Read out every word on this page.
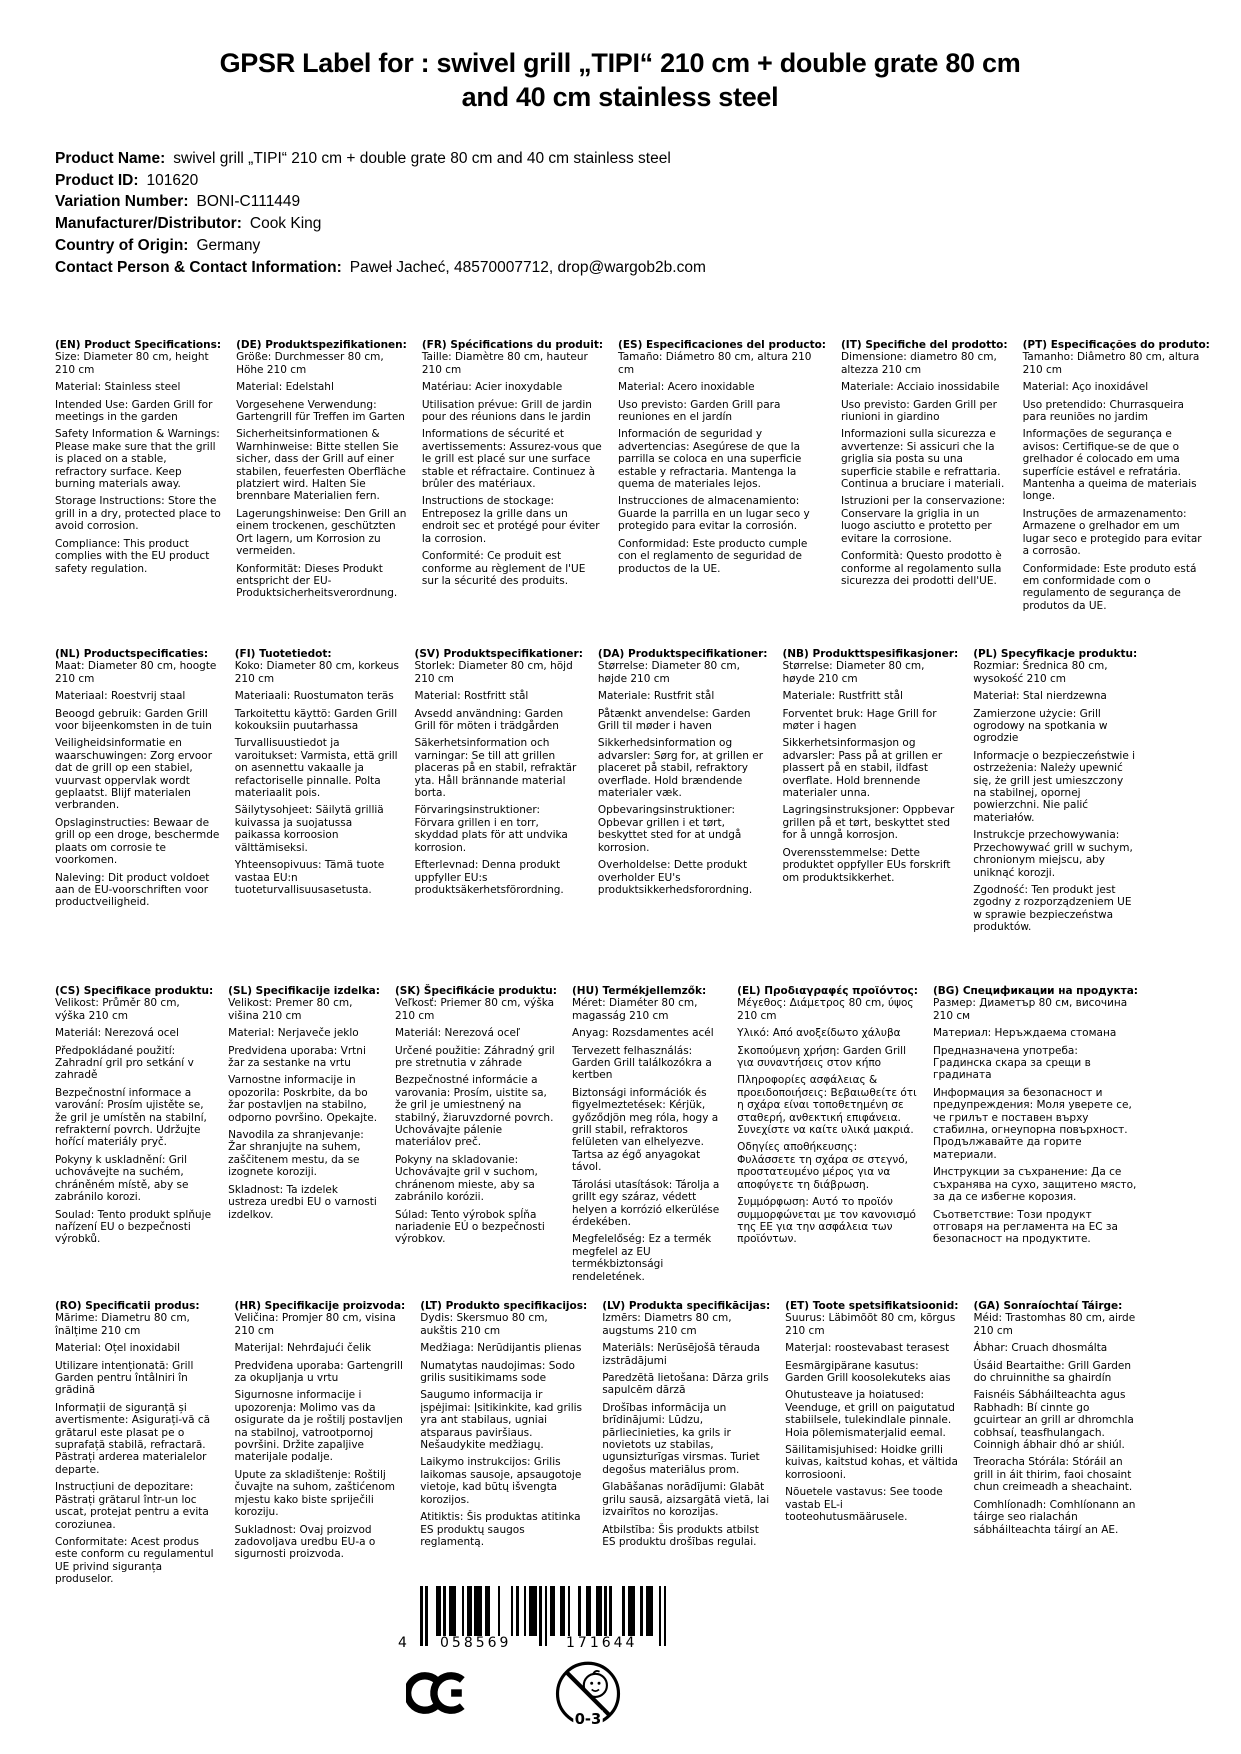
GPSR Label for : swivel grill „TIPI“ 210 cm + double grate 80 cm
and 40 cm stainless steel
Product Name: swivel grill „TIPI“ 210 cm + double grate 80 cm and 40 cm stainless steel
Product ID: 101620
Variation Number: BONI-C111449
Manufacturer/Distributor: Cook King
Country of Origin: Germany
Contact Person & Contact Information: Paweł Jacheć, 48570007712, drop@wargob2b.com
(EN) Product Specifications:

Size: Diameter 80 cm, height 210 cm

Material: Stainless steel

Intended Use: Garden Grill for meetings in the garden

Safety Information & Warnings: Please make sure that the grill is placed on a stable, refractory surface. Keep burning materials away.

Storage Instructions: Store the grill in a dry, protected place to avoid corrosion.

Compliance: This product complies with the EU product safety regulation.

(DE) Produktspezifikationen:

Größe: Durchmesser 80 cm, Höhe 210 cm

Material: Edelstahl

Vorgesehene Verwendung: Gartengrill für Treffen im Garten

Sicherheitsinformationen & Warnhinweise: Bitte stellen Sie sicher, dass der Grill auf einer stabilen, feuerfesten Oberfläche platziert wird. Halten Sie brennbare Materialien fern.

Lagerungshinweise: Den Grill an einem trockenen, geschützten Ort lagern, um Korrosion zu vermeiden.

Konformität: Dieses Produkt entspricht der EU-Produktsicherheitsverordnung.

(FR) Spécifications du produit:

Taille: Diamètre 80 cm, hauteur 210 cm

Matériau: Acier inoxydable

Utilisation prévue: Grill de jardin pour des réunions dans le jardin

Informations de sécurité et avertissements: Assurez-vous que le grill est placé sur une surface stable et réfractaire. Continuez à brûler des matériaux.

Instructions de stockage: Entreposez la grille dans un endroit sec et protégé pour éviter la corrosion.

Conformité: Ce produit est conforme au règlement de l'UE sur la sécurité des produits.

(ES) Especificaciones del producto:

Tamaño: Diámetro 80 cm, altura 210 cm

Material: Acero inoxidable

Uso previsto: Garden Grill para reuniones en el jardín

Información de seguridad y advertencias: Asegúrese de que la parrilla se coloca en una superficie estable y refractaria. Mantenga la quema de materiales lejos.

Instrucciones de almacenamiento: Guarde la parrilla en un lugar seco y protegido para evitar la corrosión.

Conformidad: Este producto cumple con el reglamento de seguridad de productos de la UE.

(IT) Specifiche del prodotto:

Dimensione: diametro 80 cm, altezza 210 cm

Materiale: Acciaio inossidabile

Uso previsto: Garden Grill per riunioni in giardino

Informazioni sulla sicurezza e avvertenze: Si assicuri che la griglia sia posta su una superficie stabile e refrattaria. Continua a bruciare i materiali.

Istruzioni per la conservazione: Conservare la griglia in un luogo asciutto e protetto per evitare la corrosione.

Conformità: Questo prodotto è conforme al regolamento sulla sicurezza dei prodotti dell'UE.

(PT) Especificações do produto:

Tamanho: Diâmetro 80 cm, altura 210 cm

Material: Aço inoxidável

Uso pretendido: Churrasqueira para reuniões no jardim

Informações de segurança e avisos: Certifique-se de que o grelhador é colocado em uma superfície estável e refratária. Mantenha a queima de materiais longe.

Instruções de armazenamento: Armazene o grelhador em um lugar seco e protegido para evitar a corrosão.

Conformidade: Este produto está em conformidade com o regulamento de segurança de produtos da UE.

(NL) Productspecificaties:

Maat: Diameter 80 cm, hoogte 210 cm

Materiaal: Roestvrij staal

Beoogd gebruik: Garden Grill voor bijeenkomsten in de tuin

Veiligheidsinformatie en waarschuwingen: Zorg ervoor dat de grill op een stabiel, vuurvast oppervlak wordt geplaatst. Blijf materialen verbranden.

Opslaginstructies: Bewaar de grill op een droge, beschermde plaats om corrosie te voorkomen.

Naleving: Dit product voldoet aan de EU-voorschriften voor productveiligheid.

(FI) Tuotetiedot:

Koko: Diameter 80 cm, korkeus 210 cm

Materiaali: Ruostumaton teräs

Tarkoitettu käyttö: Garden Grill kokouksiin puutarhassa

Turvallisuustiedot ja varoitukset: Varmista, että grill on asennettu vakaalle ja refactoriselle pinnalle. Polta materiaalit pois.

Säilytysohjeet: Säilytä grilliä kuivassa ja suojatussa paikassa korroosion välttämiseksi.

Yhteensopivuus: Tämä tuote vastaa EU:n tuoteturvallisuusasetusta.

(SV) Produktspecifikationer:

Storlek: Diameter 80 cm, höjd 210 cm

Material: Rostfritt stål

Avsedd användning: Garden Grill för möten i trädgården

Säkerhetsinformation och varningar: Se till att grillen placeras på en stabil, refraktär yta. Håll brännande material borta.

Förvaringsinstruktioner: Förvara grillen i en torr, skyddad plats för att undvika korrosion.

Efterlevnad: Denna produkt uppfyller EU:s produktsäkerhetsförordning.

(DA) Produktspecifikationer:

Størrelse: Diameter 80 cm, højde 210 cm

Materiale: Rustfrit stål

Påtænkt anvendelse: Garden Grill til møder i haven

Sikkerhedsinformation og advarsler: Sørg for, at grillen er placeret på stabil, refraktory overflade. Hold brændende materialer væk.

Opbevaringsinstruktioner: Opbevar grillen i et tørt, beskyttet sted for at undgå korrosion.

Overholdelse: Dette produkt overholder EU's produktsikkerhedsforordning.

(NB) Produkttspesifikasjoner:

Størrelse: Diameter 80 cm, høyde 210 cm

Materiale: Rustfritt stål

Forventet bruk: Hage Grill for møter i hagen

Sikkerhetsinformasjon og advarsler: Pass på at grillen er plassert på en stabil, ildfast overflate. Hold brennende materialer unna.

Lagringsinstruksjoner: Oppbevar grillen på et tørt, beskyttet sted for å unngå korrosjon.

Overensstemmelse: Dette produktet oppfyller EUs forskrift om produktsikkerhet.

(PL) Specyfikacje produktu:

Rozmiar: Średnica 80 cm, wysokość 210 cm

Materiał: Stal nierdzewna

Zamierzone użycie: Grill ogrodowy na spotkania w ogrodzie

Informacje o bezpieczeństwie i ostrzeżenia: Należy upewnić się, że grill jest umieszczony na stabilnej, opornej powierzchni. Nie palić materiałów.

Instrukcje przechowywania: Przechowywać grill w suchym, chronionym miejscu, aby uniknąć korozji.

Zgodność: Ten produkt jest zgodny z rozporządzeniem UE w sprawie bezpieczeństwa produktów.

(CS) Specifikace produktu:

Velikost: Průměr 80 cm, výška 210 cm

Materiál: Nerezová ocel

Předpokládané použití: Zahradní gril pro setkání v zahradě

Bezpečnostní informace a varování: Prosím ujistěte se, že gril je umístěn na stabilní, refrakterní povrch. Udržujte hořící materiály pryč.

Pokyny k uskladnění: Gril uchovávejte na suchém, chráněném místě, aby se zabránilo korozi.

Soulad: Tento produkt splňuje nařízení EU o bezpečnosti výrobků.

(SL) Specifikacije izdelka:

Velikost: Premer 80 cm, višina 210 cm

Material: Nerjaveče jeklo

Predvidena uporaba: Vrtni žar za sestanke na vrtu

Varnostne informacije in opozorila: Poskrbite, da bo žar postavljen na stabilno, odporno površino. Opekajte.

Navodila za shranjevanje: Žar shranjujte na suhem, zaščitenem mestu, da se izognete koroziji.

Skladnost: Ta izdelek ustreza uredbi EU o varnosti izdelkov.

(SK) Špecifikácie produktu:

Veľkosť: Priemer 80 cm, výška 210 cm

Materiál: Nerezová oceľ

Určené použitie: Záhradný gril pre stretnutia v záhrade

Bezpečnostné informácie a varovania: Prosím, uistite sa, že gril je umiestnený na stabilný, žiaruvzdorné povrch. Uchovávajte pálenie materiálov preč.

Pokyny na skladovanie: Uchovávajte gril v suchom, chránenom mieste, aby sa zabránilo korózii.

Súlad: Tento výrobok spĺňa nariadenie EÚ o bezpečnosti výrobkov.

(HU) Termékjellemzők:

Méret: Diaméter 80 cm, magasság 210 cm

Anyag: Rozsdamentes acél

Tervezett felhasználás: Garden Grill találkozókra a kertben

Biztonsági információk és figyelmeztetések: Kérjük, győződjön meg róla, hogy a grill stabil, refraktoros felületen van elhelyezve. Tartsa az égő anyagokat távol.

Tárolási utasítások: Tárolja a grillt egy száraz, védett helyen a korrózió elkerülése érdekében.

Megfelelőség: Ez a termék megfelel az EU termékbiztonsági rendeletének.

(EL) Προδιαγραφές προϊόντος:

Μέγεθος: Διάμετρος 80 cm, ύψος 210 cm

Υλικό: Από ανοξείδωτο χάλυβα

Σκοπούμενη χρήση: Garden Grill για συναντήσεις στον κήπο

Πληροφορίες ασφάλειας & προειδοποιήσεις: Βεβαιωθείτε ότι η σχάρα είναι τοποθετημένη σε σταθερή, ανθεκτική επιφάνεια. Συνεχίστε να καίτε υλικά μακριά.

Οδηγίες αποθήκευσης: Φυλάσσετε τη σχάρα σε στεγνό, προστατευμένο μέρος για να αποφύγετε τη διάβρωση.

Συμμόρφωση: Αυτό το προϊόν συμμορφώνεται με τον κανονισμό της ΕΕ για την ασφάλεια των προϊόντων.

(BG) Спецификации на продукта:

Размер: Диаметър 80 см, височина 210 см

Материал: Неръждаема стомана

Предназначена употреба: Градинска скара за срещи в градината

Информация за безопасност и предупреждения: Моля уверете се, че грилът е поставен върху стабилна, огнеупорна повърхност. Продължавайте да горите материали.

Инструкции за съхранение: Да се съхранява на сухо, защитено място, за да се избегне корозия.

Съответствие: Този продукт отговаря на регламента на ЕС за безопасност на продуктите.

(RO) Specificatii produs:

Mărime: Diametru 80 cm, înălțime 210 cm

Material: Oțel inoxidabil

Utilizare intenționată: Grill Garden pentru întâlniri în grădină

Informații de siguranță și avertismente: Asigurați-vă că grătarul este plasat pe o suprafață stabilă, refractară. Păstrați arderea materialelor departe.

Instrucțiuni de depozitare: Păstrați grătarul într-un loc uscat, protejat pentru a evita coroziunea.

Conformitate: Acest produs este conform cu regulamentul UE privind siguranța produselor.

(HR) Specifikacije proizvoda:

Veličina: Promjer 80 cm, visina 210 cm

Materijal: Nehrđajući čelik

Predviđena uporaba: Gartengrill za okupljanja u vrtu

Sigurnosne informacije i upozorenja: Molimo vas da osigurate da je roštilj postavljen na stabilnoj, vatrootpornoj površini. Držite zapaljive materijale podalje.

Upute za skladištenje: Roštilj čuvajte na suhom, zaštićenom mjestu kako biste spriječili koroziju.

Sukladnost: Ovaj proizvod zadovoljava uredbu EU-a o sigurnosti proizvoda.

(LT) Produkto specifikacijos:

Dydis: Skersmuo 80 cm, aukštis 210 cm

Medžiaga: Nerūdijantis plienas

Numatytas naudojimas: Sodo grilis susitikimams sode

Saugumo informacija ir įspėjimai: Įsitikinkite, kad grilis yra ant stabilaus, ugniai atsparaus paviršiaus. Nešaudykite medžiagų.

Laikymo instrukcijos: Grilis laikomas sausoje, apsaugotoje vietoje, kad būtų išvengta korozijos.

Atitiktis: Šis produktas atitinka ES produktų saugos reglamentą.

(LV) Produkta specifikācijas:

Izmērs: Diametrs 80 cm, augstums 210 cm

Materiāls: Nerūsējošā tērauda izstrādājumi

Paredzētā lietošana: Dārza grils sapulcēm dārzā

Drošības informācija un brīdinājumi: Lūdzu, pārliecinieties, ka grils ir novietots uz stabilas, ugunsizturīgas virsmas. Turiet degošus materiālus prom.

Glabāšanas norādījumi: Glabāt grilu sausā, aizsargātā vietā, lai izvairītos no korozijas.

Atbilstība: Šis produkts atbilst ES produktu drošības regulai.

(ET) Toote spetsifikatsioonid:

Suurus: Läbimõõt 80 cm, kõrgus 210 cm

Materjal: roostevabast terasest

Eesmärgipärane kasutus: Garden Grill koosolekuteks aias

Ohutusteave ja hoiatused: Veenduge, et grill on paigutatud stabiilsele, tulekindlale pinnale. Hoia põlemismaterjalid eemal.

Säilitamisjuhised: Hoidke grilli kuivas, kaitstud kohas, et vältida korrosiooni.

Nõuetele vastavus: See toode vastab EL-i tooteohutusmäärusele.

(GA) Sonraíochtaí Táirge:

Méid: Trastomhas 80 cm, airde 210 cm

Ábhar: Cruach dhosmálta

Úsáid Beartaithe: Grill Garden do chruinnithe sa ghairdín

Faisnéis Sábháilteachta agus Rabhadh: Bí cinnte go gcuirtear an grill ar dhromchla cobhsaí, teasfhulangach. Coinnigh ábhair dhó ar shiúl.

Treoracha Stórála: Stóráil an grill in áit thirim, faoi chosaint chun creimeadh a sheachaint.

Comhlíonadh: Comhlíonann an táirge seo rialachán sábháilteachta táirgí an AE.

4 058569	171644
0-3
